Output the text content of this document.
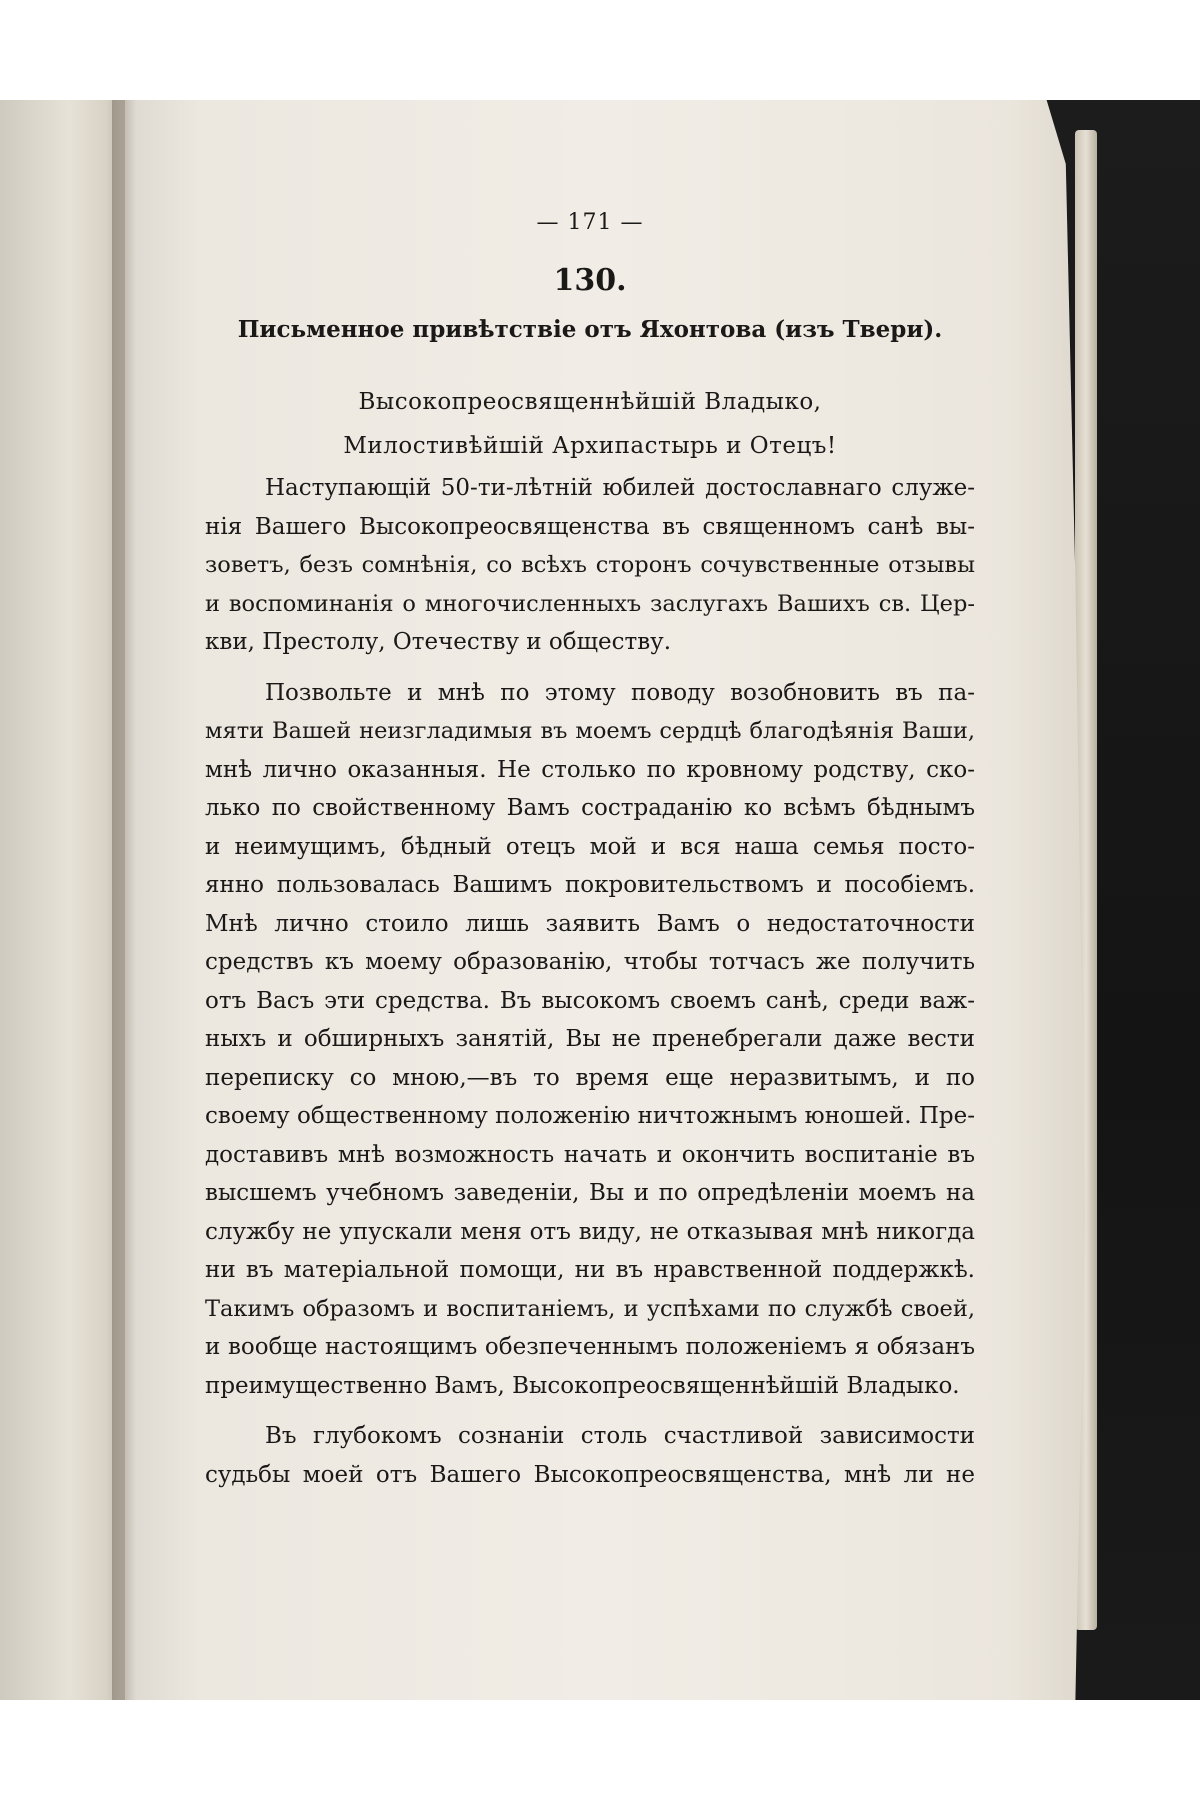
— 171 —
130.
Письменное привѣтствіе отъ Яхонтова (изъ Твери).
Высокопреосвященнѣйшій Владыко,
Милостивѣйшій Архипастырь и Отецъ!

Наступающій 50-ти-лѣтній юбилей достославнаго служе-

нія Вашего Высокопреосвященства въ священномъ санѣ вы-

зоветъ, безъ сомнѣнія, со всѣхъ сторонъ сочувственные отзывы

и воспоминанія о многочисленныхъ заслугахъ Вашихъ св. Цер-

кви, Престолу, Отечеству и обществу.

Позвольте и мнѣ по этому поводу возобновить въ па-

мяти Вашей неизгладимыя въ моемъ сердцѣ благодѣянія Ваши,

мнѣ лично оказанныя. Не столько по кровному родству, ско-

лько по свойственному Вамъ состраданію ко всѣмъ бѣднымъ

и неимущимъ, бѣдный отецъ мой и вся наша семья посто-

янно пользовалась Вашимъ покровительствомъ и пособіемъ.

Мнѣ лично стоило лишь заявить Вамъ о недостаточности

средствъ къ моему образованію, чтобы тотчасъ же получить

отъ Васъ эти средства. Въ высокомъ своемъ санѣ, среди важ-

ныхъ и обширныхъ занятій, Вы не пренебрегали даже вести

переписку со мною,—въ то время еще неразвитымъ, и по

своему общественному положенію ничтожнымъ юношей. Пре-

доставивъ мнѣ возможность начать и окончить воспитаніе въ

высшемъ учебномъ заведеніи, Вы и по опредѣленіи моемъ на

службу не упускали меня отъ виду, не отказывая мнѣ никогда

ни въ матеріальной помощи, ни въ нравственной поддержкѣ.

Такимъ образомъ и воспитаніемъ, и успѣхами по службѣ своей,

и вообще настоящимъ обезпеченнымъ положеніемъ я обязанъ

преимущественно Вамъ, Высокопреосвященнѣйшій Владыко.

Въ глубокомъ сознаніи столь счастливой зависимости

судьбы моей отъ Вашего Высокопреосвященства, мнѣ ли не
